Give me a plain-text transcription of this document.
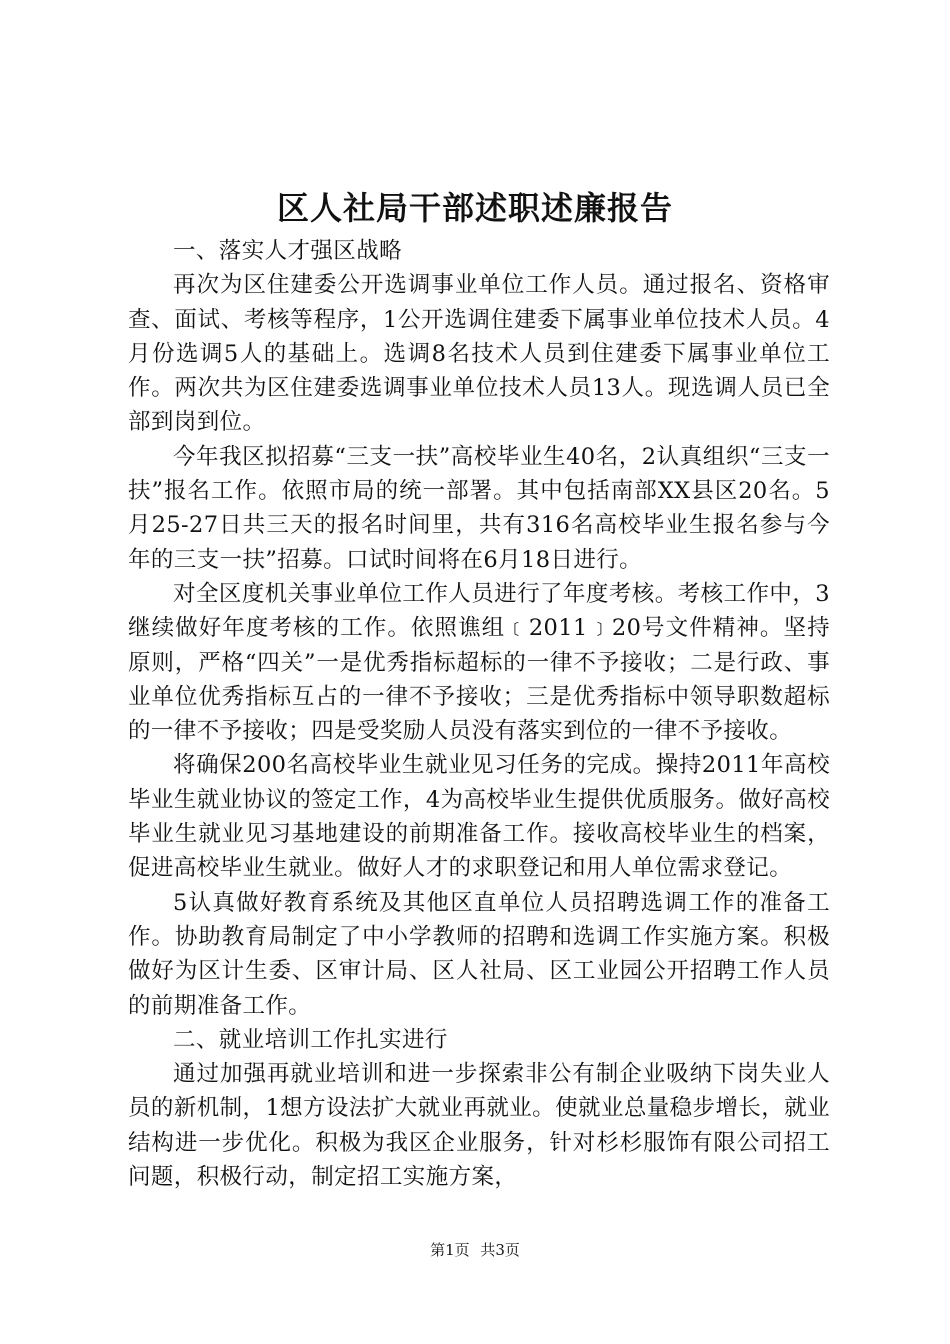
区人社局干部述职述廉报告

一、落实人才强区战略

再次为区住建委公开选调事业单位工作人员。通过报名、资格审查、面试、考核等程序，1公开选调住建委下属事业单位技术人员。4月份选调5人的基础上。选调8名技术人员到住建委下属事业单位工作。两次共为区住建委选调事业单位技术人员13人。现选调人员已全部到岗到位。

今年我区拟招募“三支一扶”高校毕业生40名，2认真组织“三支一扶”报名工作。依照市局的统一部署。其中包括南部XX县区20名。5月25-27日共三天的报名时间里，共有316名高校毕业生报名参与今年的三支一扶”招募。口试时间将在6月18日进行。

对全区度机关事业单位工作人员进行了年度考核。考核工作中，3继续做好年度考核的工作。依照谯组﹝2011﹞20号文件精神。坚持原则，严格“四关”一是优秀指标超标的一律不予接收；二是行政、事业单位优秀指标互占的一律不予接收；三是优秀指标中领导职数超标的一律不予接收；四是受奖励人员没有落实到位的一律不予接收。

将确保200名高校毕业生就业见习任务的完成。操持2011年高校毕业生就业协议的签定工作，4为高校毕业生提供优质服务。做好高校毕业生就业见习基地建设的前期准备工作。接收高校毕业生的档案，促进高校毕业生就业。做好人才的求职登记和用人单位需求登记。

5认真做好教育系统及其他区直单位人员招聘选调工作的准备工作。协助教育局制定了中小学教师的招聘和选调工作实施方案。积极做好为区计生委、区审计局、区人社局、区工业园公开招聘工作人员的前期准备工作。

二、就业培训工作扎实进行

通过加强再就业培训和进一步探索非公有制企业吸纳下岗失业人员的新机制，1想方设法扩大就业再就业。使就业总量稳步增长，就业结构进一步优化。积极为我区企业服务，针对杉杉服饰有限公司招工问题，积极行动，制定招工实施方案，

第1页 共3页
